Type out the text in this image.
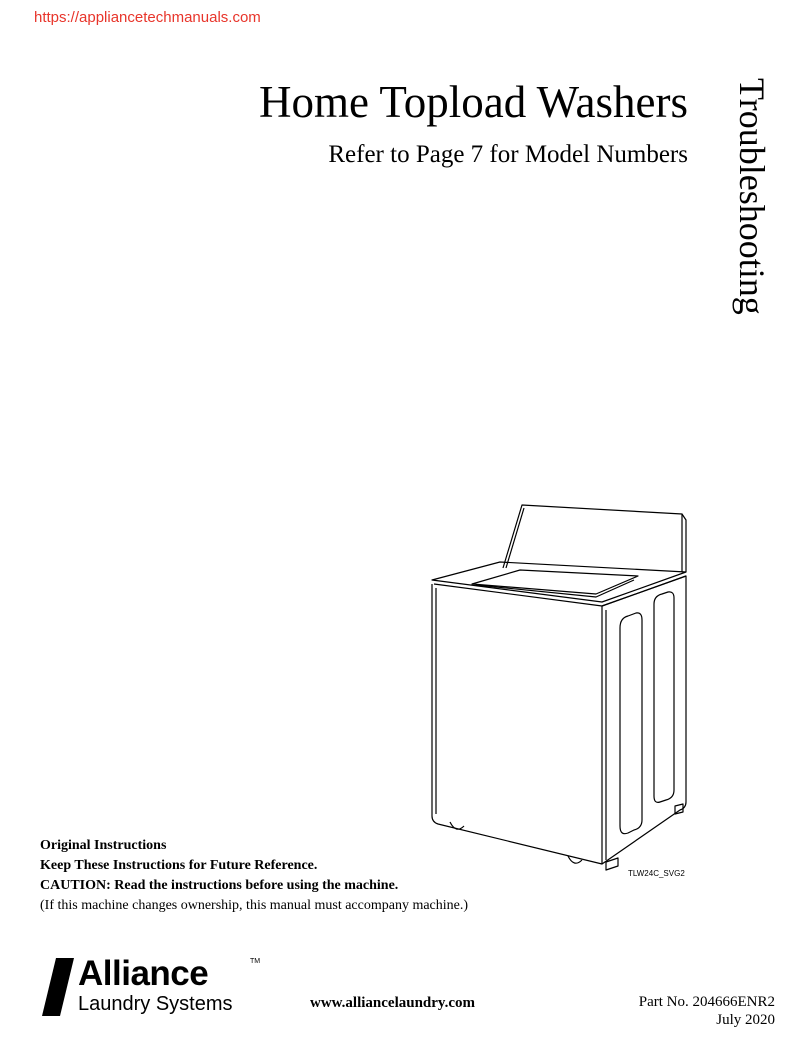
https://appliancetechmanuals.com
Home Topload Washers
Refer to Page 7 for Model Numbers Troubleshooting
TLW24C_SVG2
Original Instructions
Keep These Instructions for Future Reference.
CAUTION: Read the instructions before using the machine.
(If this machine changes ownership, this manual must accompany machine.)
Alliance	TM
Laundry Systems	www.alliancelaundry.com	Part No. 204666ENR2
July 2020
